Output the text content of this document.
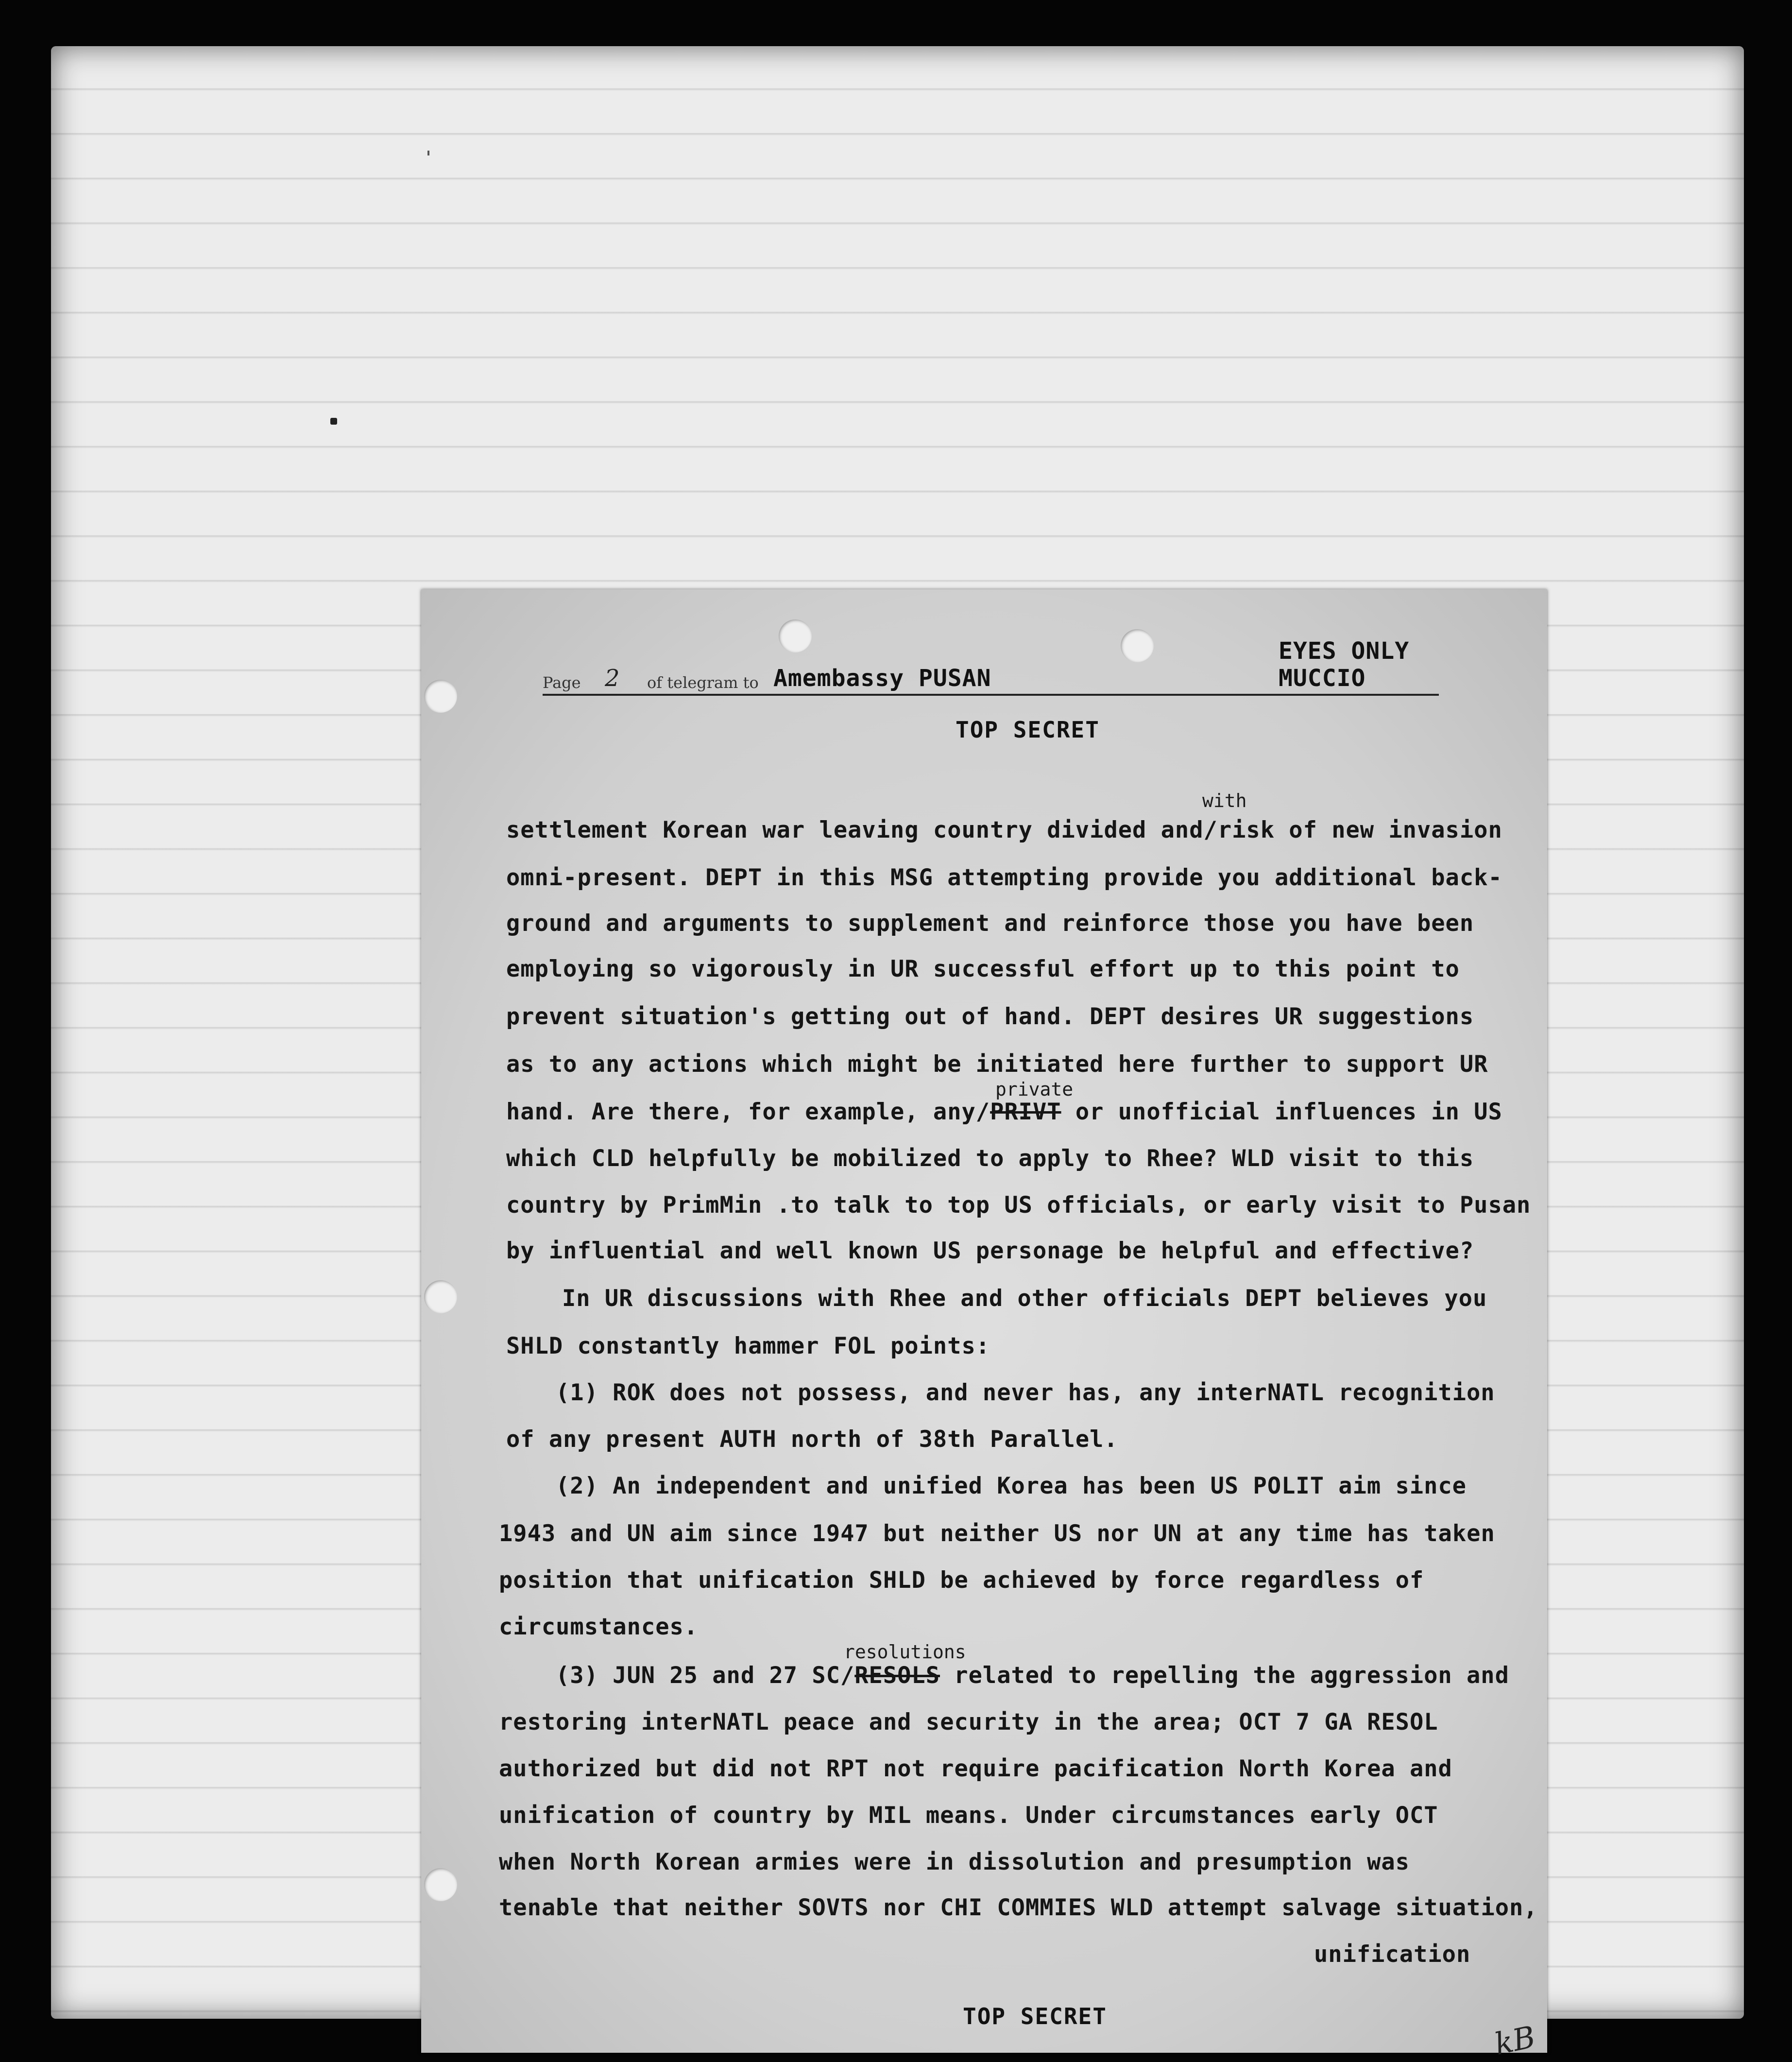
Page 2 of telegram to Amembassy PUSAN
EYES ONLY MUCCIO
TOP SECRET
with
settlement Korean war leaving country divided and/risk of new invasion
omni-present. DEPT in this MSG attempting provide you additional back-
ground and arguments to supplement and reinforce those you have been
employing so vigorously in UR successful effort up to this point to
prevent situation's getting out of hand. DEPT desires UR suggestions
as to any actions which might be initiated here further to support UR
private
hand. Are there, for example, any/PRIVT or unofficial influences in US
which CLD helpfully be mobilized to apply to Rhee? WLD visit to this
country by PrimMin .to talk to top US officials, or early visit to Pusan
by influential and well known US personage be helpful and effective?
In UR discussions with Rhee and other officials DEPT believes you
SHLD constantly hammer FOL points:
(1) ROK does not possess, and never has, any interNATL recognition
of any present AUTH north of 38th Parallel.
(2) An independent and unified Korea has been US POLIT aim since
1943 and UN aim since 1947 but neither US nor UN at any time has taken
position that unification SHLD be achieved by force regardless of
circumstances.
resolutions
(3) JUN 25 and 27 SC/RESOLS related to repelling the aggression and
restoring interNATL peace and security in the area; OCT 7 GA RESOL
authorized but did not RPT not require pacification North Korea and
unification of country by MIL means. Under circumstances early OCT
when North Korean armies were in dissolution and presumption was
tenable that neither SOVTS nor CHI COMMIES WLD attempt salvage situation,
unification
TOP SECRET
kB
